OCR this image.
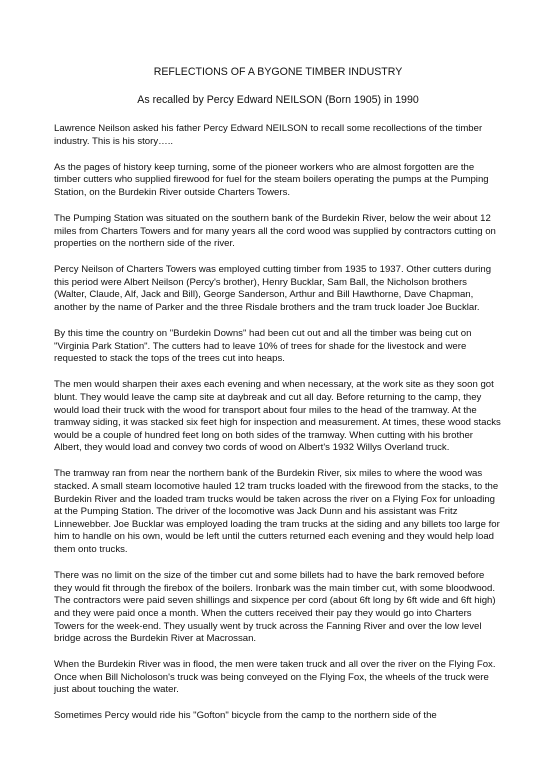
REFLECTIONS OF A BYGONE TIMBER INDUSTRY
As recalled by Percy Edward NEILSON (Born 1905) in 1990

Lawrence Neilson asked his father Percy Edward NEILSON to recall some recollections of the timber industry. This is his story…..

As the pages of history keep turning, some of the pioneer workers who are almost forgotten are the timber cutters who supplied firewood for fuel for the steam boilers operating the pumps at the Pumping Station, on the Burdekin River outside Charters Towers.

The Pumping Station was situated on the southern bank of the Burdekin River, below the weir about 12 miles from Charters Towers and for many years all the cord wood was supplied by contractors cutting on properties on the northern side of the river.

Percy Neilson of Charters Towers was employed cutting timber from 1935 to 1937. Other cutters during this period were Albert Neilson (Percy's brother), Henry Bucklar, Sam Ball, the Nicholson brothers (Walter, Claude, Alf, Jack and Bill), George Sanderson, Arthur and Bill Hawthorne, Dave Chapman, another by the name of Parker and the three Risdale brothers and the tram truck loader Joe Bucklar.

By this time the country on "Burdekin Downs" had been cut out and all the timber was being cut on "Virginia Park Station". The cutters had to leave 10% of trees for shade for the livestock and were requested to stack the tops of the trees cut into heaps.

The men would sharpen their axes each evening and when necessary, at the work site as they soon got blunt. They would leave the camp site at daybreak and cut all day. Before returning to the camp, they would load their truck with the wood for transport about four miles to the head of the tramway. At the tramway siding, it was stacked six feet high for inspection and measurement. At times, these wood stacks would be a couple of hundred feet long on both sides of the tramway. When cutting with his brother Albert, they would load and convey two cords of wood on Albert's 1932 Willys Overland truck.

The tramway ran from near the northern bank of the Burdekin River, six miles to where the wood was stacked. A small steam locomotive hauled 12 tram trucks loaded with the firewood from the stacks, to the Burdekin River and the loaded tram trucks would be taken across the river on a Flying Fox for unloading at the Pumping Station. The driver of the locomotive was Jack Dunn and his assistant was Fritz Linnewebber. Joe Bucklar was employed loading the tram trucks at the siding and any billets too large for him to handle on his own, would be left until the cutters returned each evening and they would help load them onto trucks.

There was no limit on the size of the timber cut and some billets had to have the bark removed before they would fit through the firebox of the boilers. Ironbark was the main timber cut, with some bloodwood. The contractors were paid seven shillings and sixpence per cord (about 6ft long by 6ft wide and 6ft high) and they were paid once a month. When the cutters received their pay they would go into Charters Towers for the week-end. They usually went by truck across the Fanning River and over the low level bridge across the Burdekin River at Macrossan.

When the Burdekin River was in flood, the men were taken truck and all over the river on the Flying Fox. Once when Bill Nicholoson's truck was being conveyed on the Flying Fox, the wheels of the truck were just about touching the water.

Sometimes Percy would ride his "Gofton" bicycle from the camp to the northern side of the
